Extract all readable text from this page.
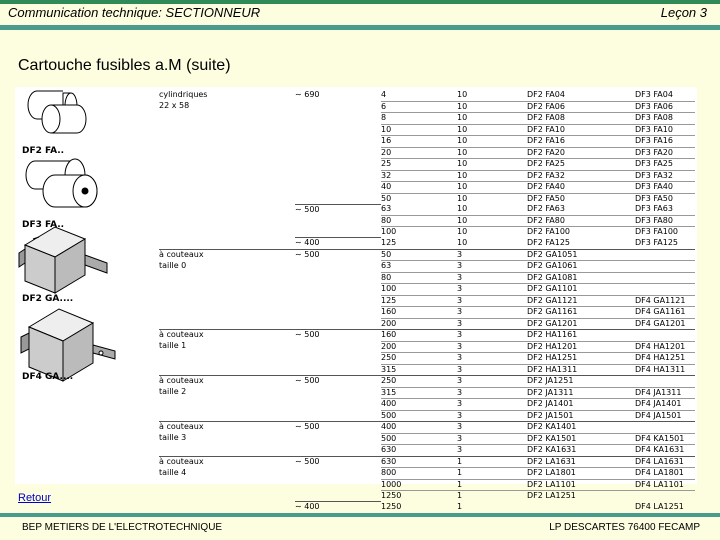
Communication technique: SECTIONNEUR	Leçon 3
Cartouche fusibles a.M (suite)
DF2 FA..
DF3 FA..
DF2 GA....
DF4 GA....
cylindriques	∼ 690	4	10	DF2 FA04	DF3 FA04
22 x 58		6	10	DF2 FA06	DF3 FA06
		8	10	DF2 FA08	DF3 FA08
		10	10	DF2 FA10	DF3 FA10
		16	10	DF2 FA16	DF3 FA16
		20	10	DF2 FA20	DF3 FA20
		25	10	DF2 FA25	DF3 FA25
		32	10	DF2 FA32	DF3 FA32
		40	10	DF2 FA40	DF3 FA40
		50	10	DF2 FA50	DF3 FA50
	∼ 500	63	10	DF2 FA63	DF3 FA63
		80	10	DF2 FA80	DF3 FA80
		100	10	DF2 FA100	DF3 FA100
	∼ 400	125	10	DF2 FA125	DF3 FA125
à couteaux	∼ 500	50	3	DF2 GA1051	
taille 0		63	3	DF2 GA1061	
		80	3	DF2 GA1081	
		100	3	DF2 GA1101	
		125	3	DF2 GA1121	DF4 GA1121
		160	3	DF2 GA1161	DF4 GA1161
		200	3	DF2 GA1201	DF4 GA1201
à couteaux	∼ 500	160	3	DF2 HA1161	
taille 1		200	3	DF2 HA1201	DF4 HA1201
		250	3	DF2 HA1251	DF4 HA1251
		315	3	DF2 HA1311	DF4 HA1311
à couteaux	∼ 500	250	3	DF2 JA1251	
taille 2		315	3	DF2 JA1311	DF4 JA1311
		400	3	DF2 JA1401	DF4 JA1401
		500	3	DF2 JA1501	DF4 JA1501
à couteaux	∼ 500	400	3	DF2 KA1401	
taille 3		500	3	DF2 KA1501	DF4 KA1501
		630	3	DF2 KA1631	DF4 KA1631
à couteaux	∼ 500	630	1	DF2 LA1631	DF4 LA1631
taille 4		800	1	DF2 LA1801	DF4 LA1801
		1000	1	DF2 LA1101	DF4 LA1101
		1250	1	DF2 LA1251	
	∼ 400	1250	1		DF4 LA1251
Retour
BEP METIERS DE L'ELECTROTECHNIQUE	LP DESCARTES 76400 FECAMP
